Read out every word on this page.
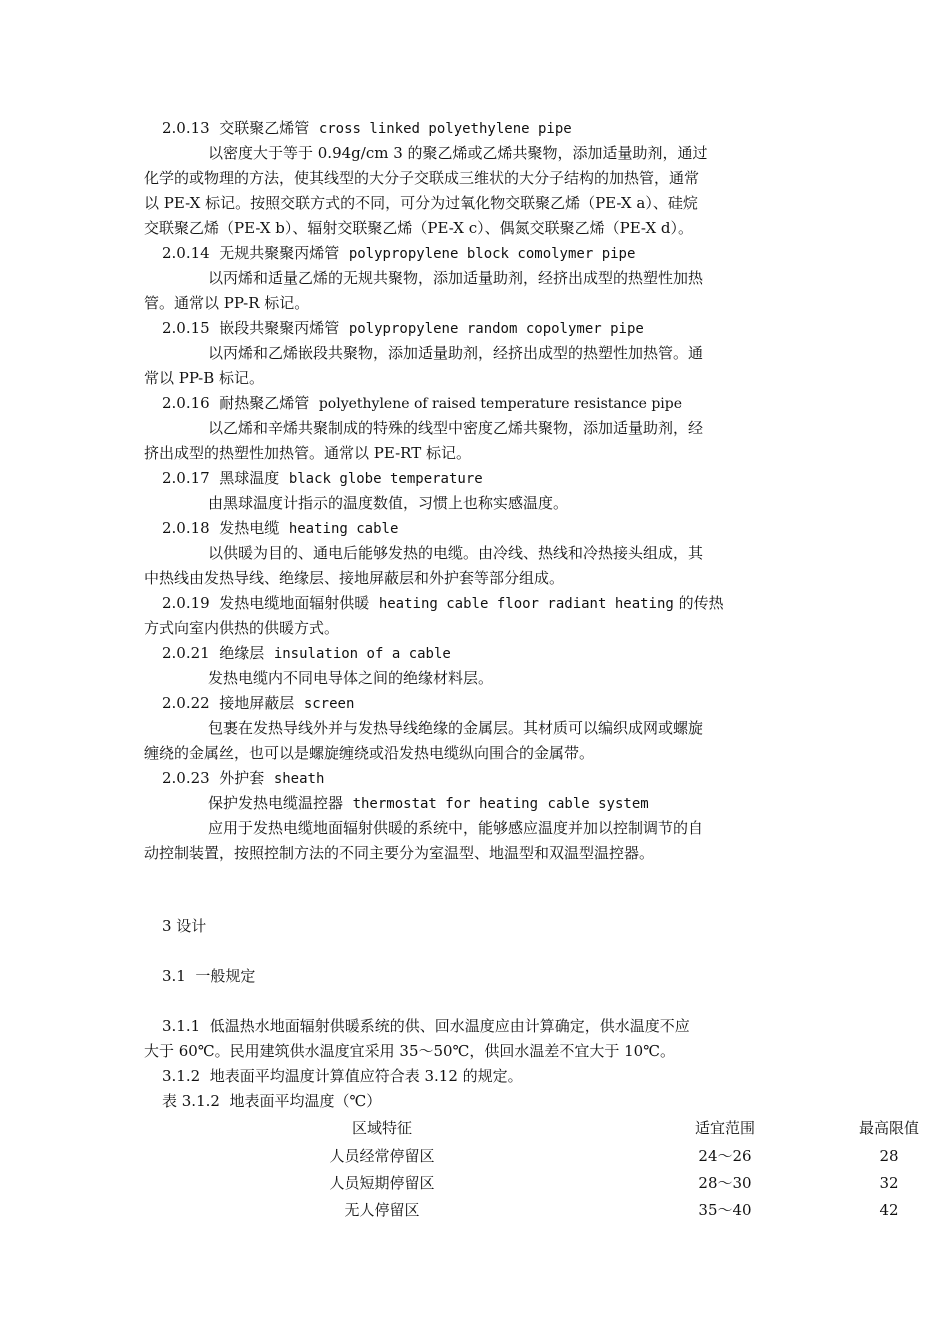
2.0.13 交联聚乙烯管 cross linked polyethylene pipe
以密度大于等于 0.94g/cm 3 的聚乙烯或乙烯共聚物，添加适量助剂，通过
化学的或物理的方法，使其线型的大分子交联成三维状的大分子结构的加热管，通常
以 PE-X 标记。按照交联方式的不同，可分为过氧化物交联聚乙烯（PE-X a）、硅烷
交联聚乙烯（PE-X b）、辐射交联聚乙烯（PE-X c）、偶氮交联聚乙烯（PE-X d）。
2.0.14 无规共聚聚丙烯管 polypropylene block comolymer pipe
以丙烯和适量乙烯的无规共聚物，添加适量助剂，经挤出成型的热塑性加热
管。通常以 PP-R 标记。
2.0.15 嵌段共聚聚丙烯管 polypropylene random copolymer pipe
以丙烯和乙烯嵌段共聚物，添加适量助剂，经挤出成型的热塑性加热管。通
常以 PP-B 标记。
2.0.16 耐热聚乙烯管 polyethylene of raised temperature resistance pipe
以乙烯和辛烯共聚制成的特殊的线型中密度乙烯共聚物，添加适量助剂，经
挤出成型的热塑性加热管。通常以 PE-RT 标记。
2.0.17 黑球温度 black globe temperature
由黑球温度计指示的温度数值，习惯上也称实感温度。
2.0.18 发热电缆 heating cable
以供暖为目的、通电后能够发热的电缆。由冷线、热线和冷热接头组成，其
中热线由发热导线、绝缘层、接地屏蔽层和外护套等部分组成。
2.0.19 发热电缆地面辐射供暖 heating cable floor radiant heating 的传热
方式向室内供热的供暖方式。
2.0.21 绝缘层 insulation of a cable
发热电缆内不同电导体之间的绝缘材料层。
2.0.22 接地屏蔽层 screen
包裹在发热导线外并与发热导线绝缘的金属层。其材质可以编织成网或螺旋
缠绕的金属丝，也可以是螺旋缠绕或沿发热电缆纵向围合的金属带。
2.0.23 外护套 sheath
保护发热电缆温控器 thermostat for heating cable system
应用于发热电缆地面辐射供暖的系统中，能够感应温度并加以控制调节的自
动控制装置，按照控制方法的不同主要分为室温型、地温型和双温型温控器。
3 设计
3.1 一般规定
3.1.1 低温热水地面辐射供暖系统的供、回水温度应由计算确定，供水温度不应
大于 60℃。民用建筑供水温度宜采用 35～50℃，供回水温差不宜大于 10℃。
3.1.2 地表面平均温度计算值应符合表 3.12 的规定。
表 3.1.2 地表面平均温度（℃）
区域特征	适宜范围	最高限值
人员经常停留区	24～26	28
人员短期停留区	28～30	32
无人停留区	35～40	42
